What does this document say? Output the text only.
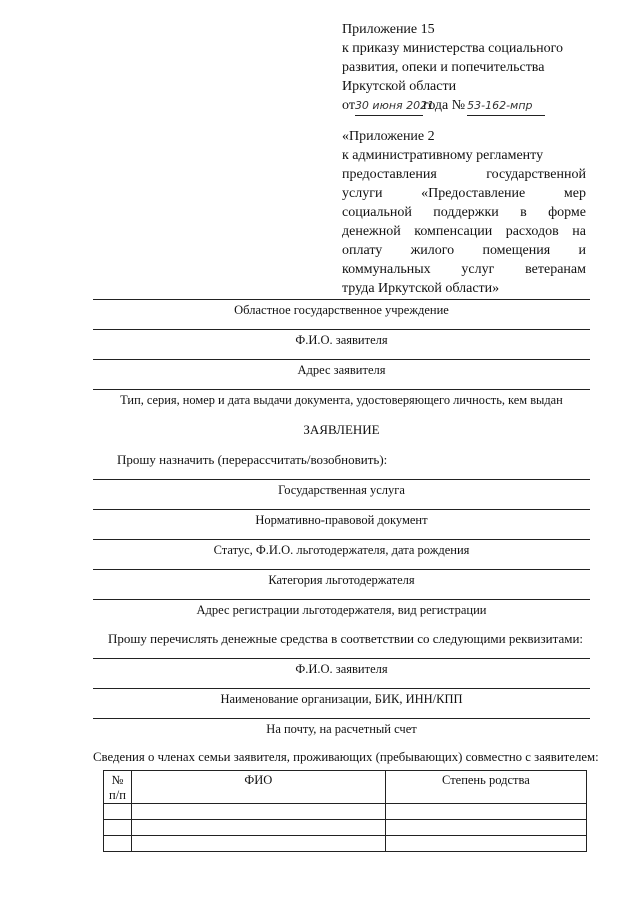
Приложение 15
к приказу министерства социального
развития, опеки и попечительства
Иркутской области
от30 июня 2021года № 53-162-мпр
«Приложение 2
к административному регламенту
предоставления государственной
услуги «Предоставление мер
социальной поддержки в форме
денежной компенсации расходов на
оплату жилого помещения и
коммунальных услуг ветеранам
труда Иркутской области»
Областное государственное учреждение
Ф.И.О. заявителя
Адрес заявителя
Тип, серия, номер и дата выдачи документа, удостоверяющего личность, кем выдан
ЗАЯВЛЕНИЕ
Прошу назначить (перерассчитать/возобновить):
Государственная услуга
Нормативно-правовой документ
Статус, Ф.И.О. льготодержателя, дата рождения
Категория льготодержателя
Адрес регистрации льготодержателя, вид регистрации
Прошу перечислять денежные средства в соответствии со следующими реквизитами:
Ф.И.О. заявителя
Наименование организации, БИК, ИНН/КПП
На почту, на расчетный счет
Сведения о членах семьи заявителя, проживающих (пребывающих) совместно с заявителем:
№
п/п	ФИО	Степень родства
